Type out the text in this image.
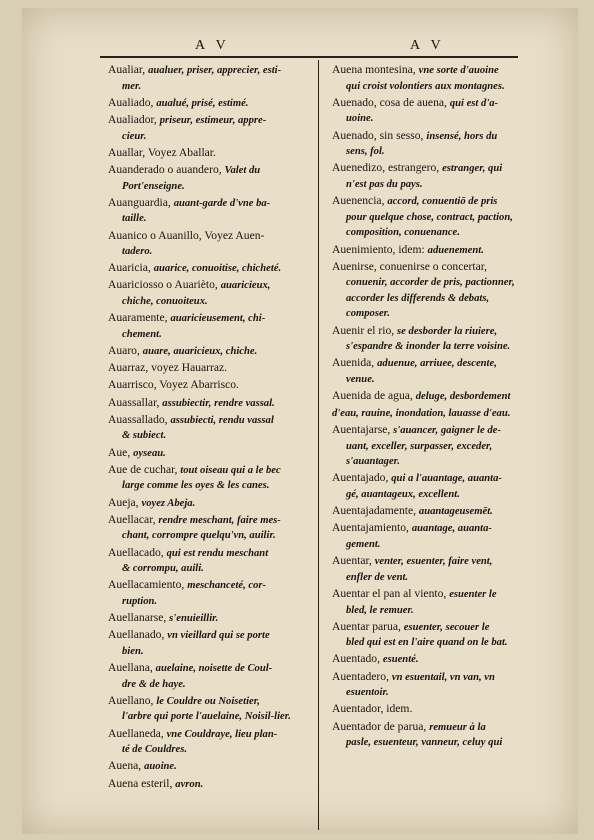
A V	A V
Aualiar, aualuer, priser, apprecier, esti-
mer.
Aualiado, aualué, prisé, estimé.
Aualiador, priseur, estimeur, appre-
cieur.
Auallar, Voyez Aballar.
Auanderado o auandero, Valet du
Port'enseigne.
Auanguardia, auant-garde d'vne ba-
taille.
Auanico o Auanillo, Voyez Auen-
tadero.
Auaricia, auarice, conuoitise, chicheté.
Auariciosso o Auarièto, auaricieux,
chiche, conuoiteux.
Auaramente, auaricieusement, chi-
chement.
Auaro, auare, auaricieux, chiche.
Auarraz, voyez Hauarraz.
Auarrisco, Voyez Abarrisco.
Auassallar, assubiectir, rendre vassal.
Auassallado, assubiecti, rendu vassal
& subiect.
Aue, oyseau.
Aue de cuchar, tout oiseau qui a le bec
large comme les oyes & les canes.
Aueja, voyez Abeja.
Auellacar, rendre meschant, faire mes-
chant, corrompre quelqu'vn, auilir.
Auellacado, qui est rendu meschant
& corrompu, auili.
Auellacamiento, meschanceté, cor-
ruption.
Auellanarse, s'enuieillir.
Auellanado, vn vieillard qui se porte
bien.
Auellana, auelaine, noisette de Coul-
dre & de haye.
Auellano, le Couldre ou Noisetier,
l'arbre qui porte l'auelaine, Noisil-lier.
Auellaneda, vne Couldraye, lieu plan-
té de Couldres.
Auena, auoine.
Auena esteril, avron.
Auena montesina, vne sorte d'auoine
qui croist volontiers aux montagnes.
Auenado, cosa de auena, qui est d'a-
uoine.
Auenado, sin sesso, insensé, hors du
sens, fol.
Auenedizo, estrangero, estranger, qui
n'est pas du pays.
Auenencia, accord, conuentiō de pris
pour quelque chose, contract, paction, composition, conuenance.
Auenimiento, idem: aduenement.
Auenirse, conuenirse o concertar,
conuenir, accorder de pris, pactionner, accorder les differends & debats, composer.
Auenir el rio, se desborder la riuiere,
s'espandre & inonder la terre voisine.
Auenida, aduenue, arriuee, descente,
venue.
Auenida de agua, deluge, desbordement d'eau, rauine, inondation, lauasse d'eau.
Auentajarse, s'auancer, gaigner le de-
uant, exceller, surpasser, exceder, s'auantager.
Auentajado, qui a l'auantage, auanta-
gé, auantageux, excellent.
Auentajadamente, auantageusemēt.
Auentajamiento, auantage, auanta-
gement.
Auentar, venter, esuenter, faire vent,
enfler de vent.
Auentar el pan al viento, esuenter le
bled, le remuer.
Auentar parua, esuenter, secouer le
bled qui est en l'aire quand on le bat.
Auentado, esuenté.
Auentadero, vn esuentail, vn van, vn
esuentoir.
Auentador, idem.
Auentador de parua, remueur à la
pasle, esuenteur, vanneur, celuy qui
